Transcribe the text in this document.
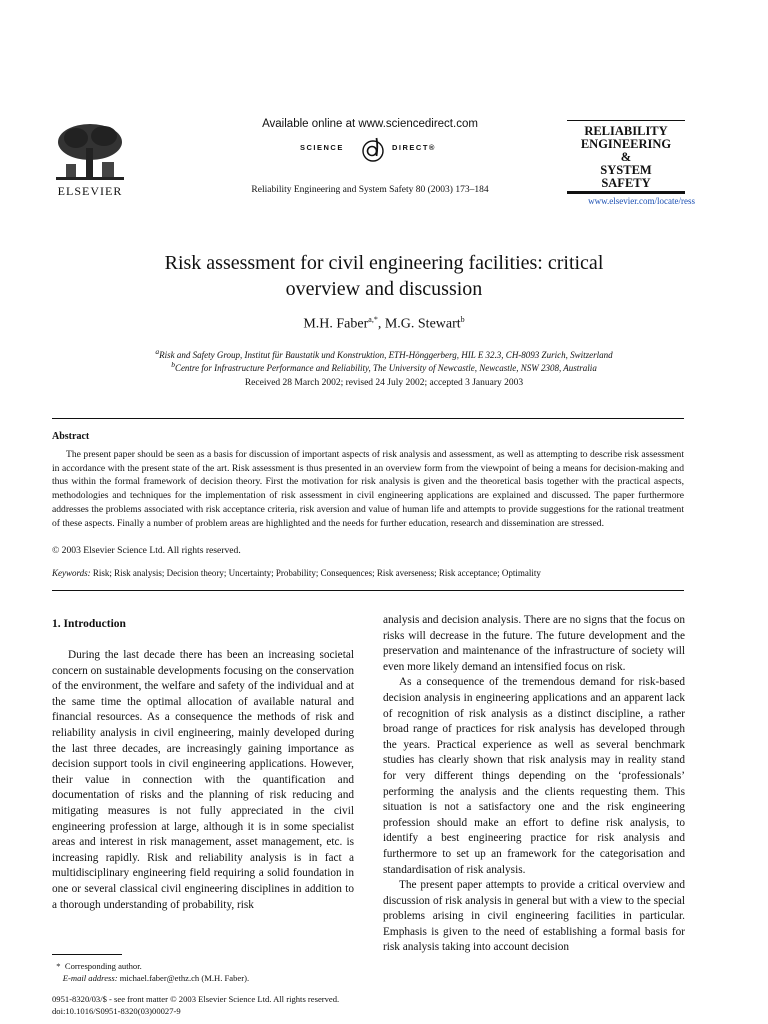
ELSEVIER
Available online at www.sciencedirect.com
SCIENCE	DIRECT®
Reliability Engineering and System Safety 80 (2003) 173–184
RELIABILITY
ENGINEERING
&
SYSTEM
SAFETY
www.elsevier.com/locate/ress
Risk assessment for civil engineering facilities: critical
overview and discussion
M.H. Faber$^{a,*}$, M.G. Stewart$^b$
$^a$Risk and Safety Group, Institut für Baustatik und Konstruktion, ETH-Hönggerberg, HIL E 32.3, CH-8093 Zurich, Switzerland
$^b$Centre for Infrastructure Performance and Reliability, The University of Newcastle, Newcastle, NSW 2308, Australia
Received 28 March 2002; revised 24 July 2002; accepted 3 January 2003
Abstract
The present paper should be seen as a basis for discussion of important aspects of risk analysis and assessment, as well as attempting to describe risk assessment in accordance with the present state of the art. Risk assessment is thus presented in an overview form from the viewpoint of being a means for decision-making and thus within the formal framework of decision theory. First the motivation for risk analysis is given and the theoretical basis together with the practical aspects, methodologies and techniques for the implementation of risk assessment in civil engineering applications are explained and discussed. The paper furthermore addresses the problems associated with risk acceptance criteria, risk aversion and value of human life and attempts to provide suggestions for the rational treatment of these aspects. Finally a number of problem areas are highlighted and the needs for further education, research and dissemination are stressed.
© 2003 Elsevier Science Ltd. All rights reserved.
Keywords: Risk; Risk analysis; Decision theory; Uncertainty; Probability; Consequences; Risk averseness; Risk acceptance; Optimality
1. Introduction

During the last decade there has been an increasing societal concern on sustainable developments focusing on the conservation of the environment, the welfare and safety of the individual and at the same time the optimal allocation of available natural and financial resources. As a consequence the methods of risk and reliability analysis in civil engineering, mainly developed during the last three decades, are increasingly gaining importance as decision support tools in civil engineering applications. However, their value in connection with the quantification and documentation of risks and the planning of risk reducing and mitigating measures is not fully appreciated in the civil engineering profession at large, although it is in some specialist areas and interest in risk management, asset management, etc. is increasing rapidly. Risk and reliability analysis is in fact a multidisciplinary engineering field requiring a solid foundation in one or several classical civil engineering disciplines in addition to a thorough understanding of probability, risk

analysis and decision analysis. There are no signs that the focus on risks will decrease in the future. The future development and the preservation and maintenance of the infrastructure of society will even more likely demand an intensified focus on risk.

As a consequence of the tremendous demand for risk-based decision analysis in engineering applications and an apparent lack of recognition of risk analysis as a distinct discipline, a rather broad range of practices for risk analysis has developed through the years. Practical experience as well as several benchmark studies has clearly shown that risk analysis may in reality stand for very different things depending on the ‘professionals’ performing the analysis and the clients requesting them. This situation is not a satisfactory one and the risk engineering profession should make an effort to define risk analysis, to identify a best engineering practice for risk analysis and furthermore to set up an framework for the categorisation and standardisation of risk analysis.

The present paper attempts to provide a critical overview and discussion of risk analysis in general but with a view to the special problems arising in civil engineering facilities in particular. Emphasis is given to the need of establishing a formal basis for risk analysis taking into account decision

* Corresponding author.
E-mail address: michael.faber@ethz.ch (M.H. Faber).
0951-8320/03/$ - see front matter © 2003 Elsevier Science Ltd. All rights reserved.
doi:10.1016/S0951-8320(03)00027-9
